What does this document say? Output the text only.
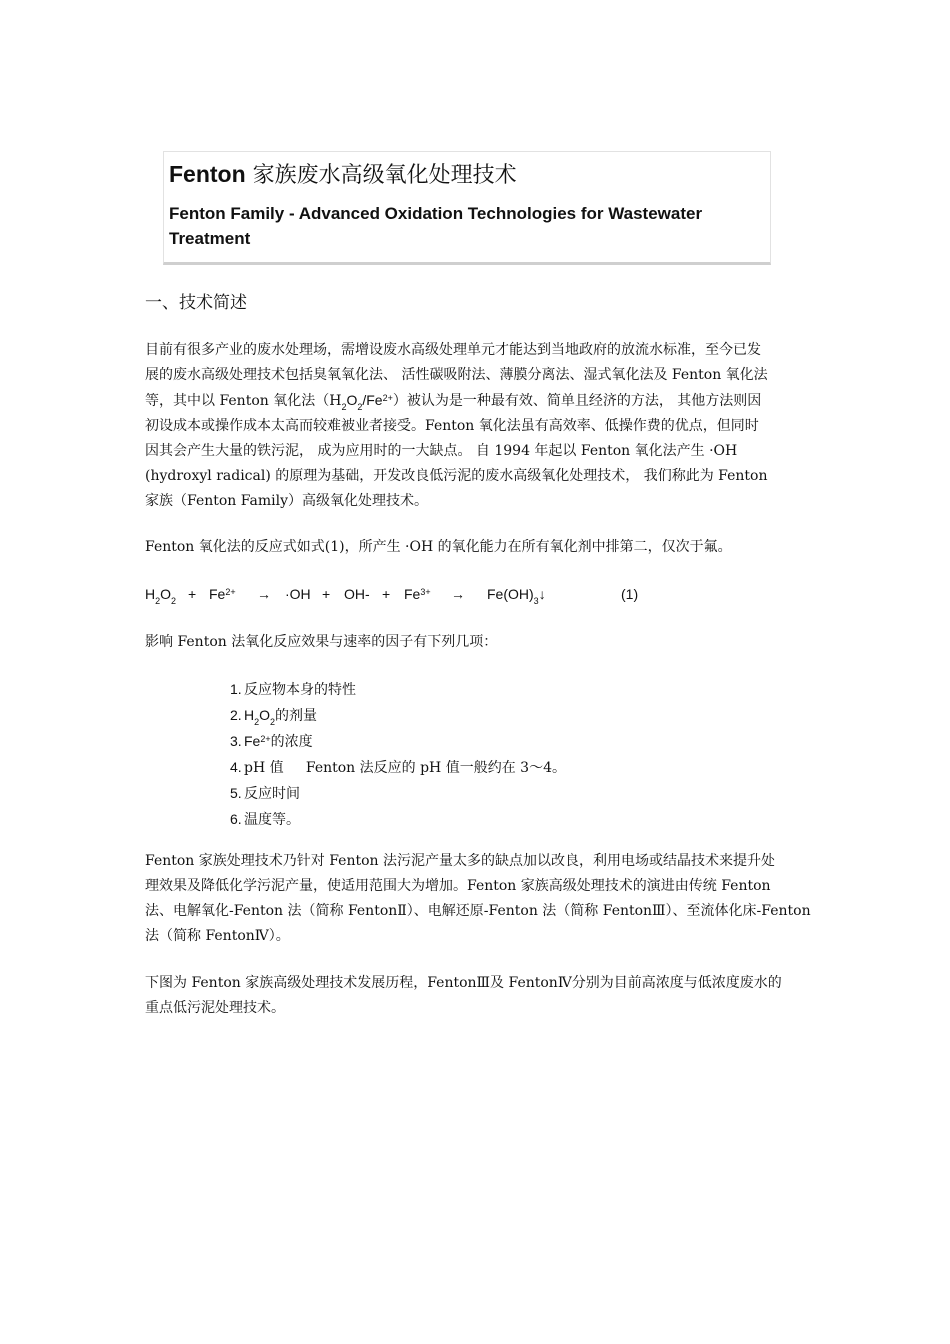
Fenton 家族废水高级氧化处理技术
Fenton Family - Advanced Oxidation Technologies for Wastewater Treatment
一、技术简述
目前有很多产业的废水处理场，需增设废水高级处理单元才能达到当地政府的放流水标准，至今已发
展的废水高级处理技术包括臭氧氧化法、 活性碳吸附法、薄膜分离法、湿式氧化法及 Fenton 氧化法
等，其中以 Fenton 氧化法$(H_2O_2/Fe^{2+})$被认为是一种最有效、简单且经济的方法， 其他方法则因
初设成本或操作成本太高而较难被业者接受。Fenton 氧化法虽有高效率、低操作费的优点，但同时
因其会产生大量的铁污泥， 成为应用时的一大缺点。 自 1994 年起以 Fenton 氧化法产生 ·OH
(hydroxyl radical) 的原理为基础，开发改良低污泥的废水高级氧化处理技术， 我们称此为 Fenton
家族（Fenton Family）高级氧化处理技术。
Fenton 氧化法的反应式如式(1)，所产生 ·OH 的氧化能力在所有氧化剂中排第二，仅次于氟。
$H_2O_2 + Fe^{2+} \to \cdot OH + OH- + Fe^{3+}$ → $Fe(OH)_3↓$	(1)
影响 Fenton 法氧化反应效果与速率的因子有下列几项：
1. 反应物本身的特性
2. $H_2O_2$的剂量
3. $Fe^{2+}$的浓度
4. pH 值     Fenton 法反应的 pH 值一般约在 3～4。
5. 反应时间
6. 温度等。
Fenton 家族处理技术乃针对 Fenton 法污泥产量太多的缺点加以改良，利用电场或结晶技术来提升处
理效果及降低化学污泥产量，使适用范围大为增加。Fenton 家族高级处理技术的演进由传统 Fenton
法、电解氧化-Fenton 法（简称 FentonⅡ）、电解还原-Fenton 法（简称 FentonⅢ）、至流体化床-Fenton
法（简称 FentonⅣ）。
下图为 Fenton 家族高级处理技术发展历程，FentonⅢ及 FentonⅣ分别为目前高浓度与低浓度废水的
重点低污泥处理技术。
